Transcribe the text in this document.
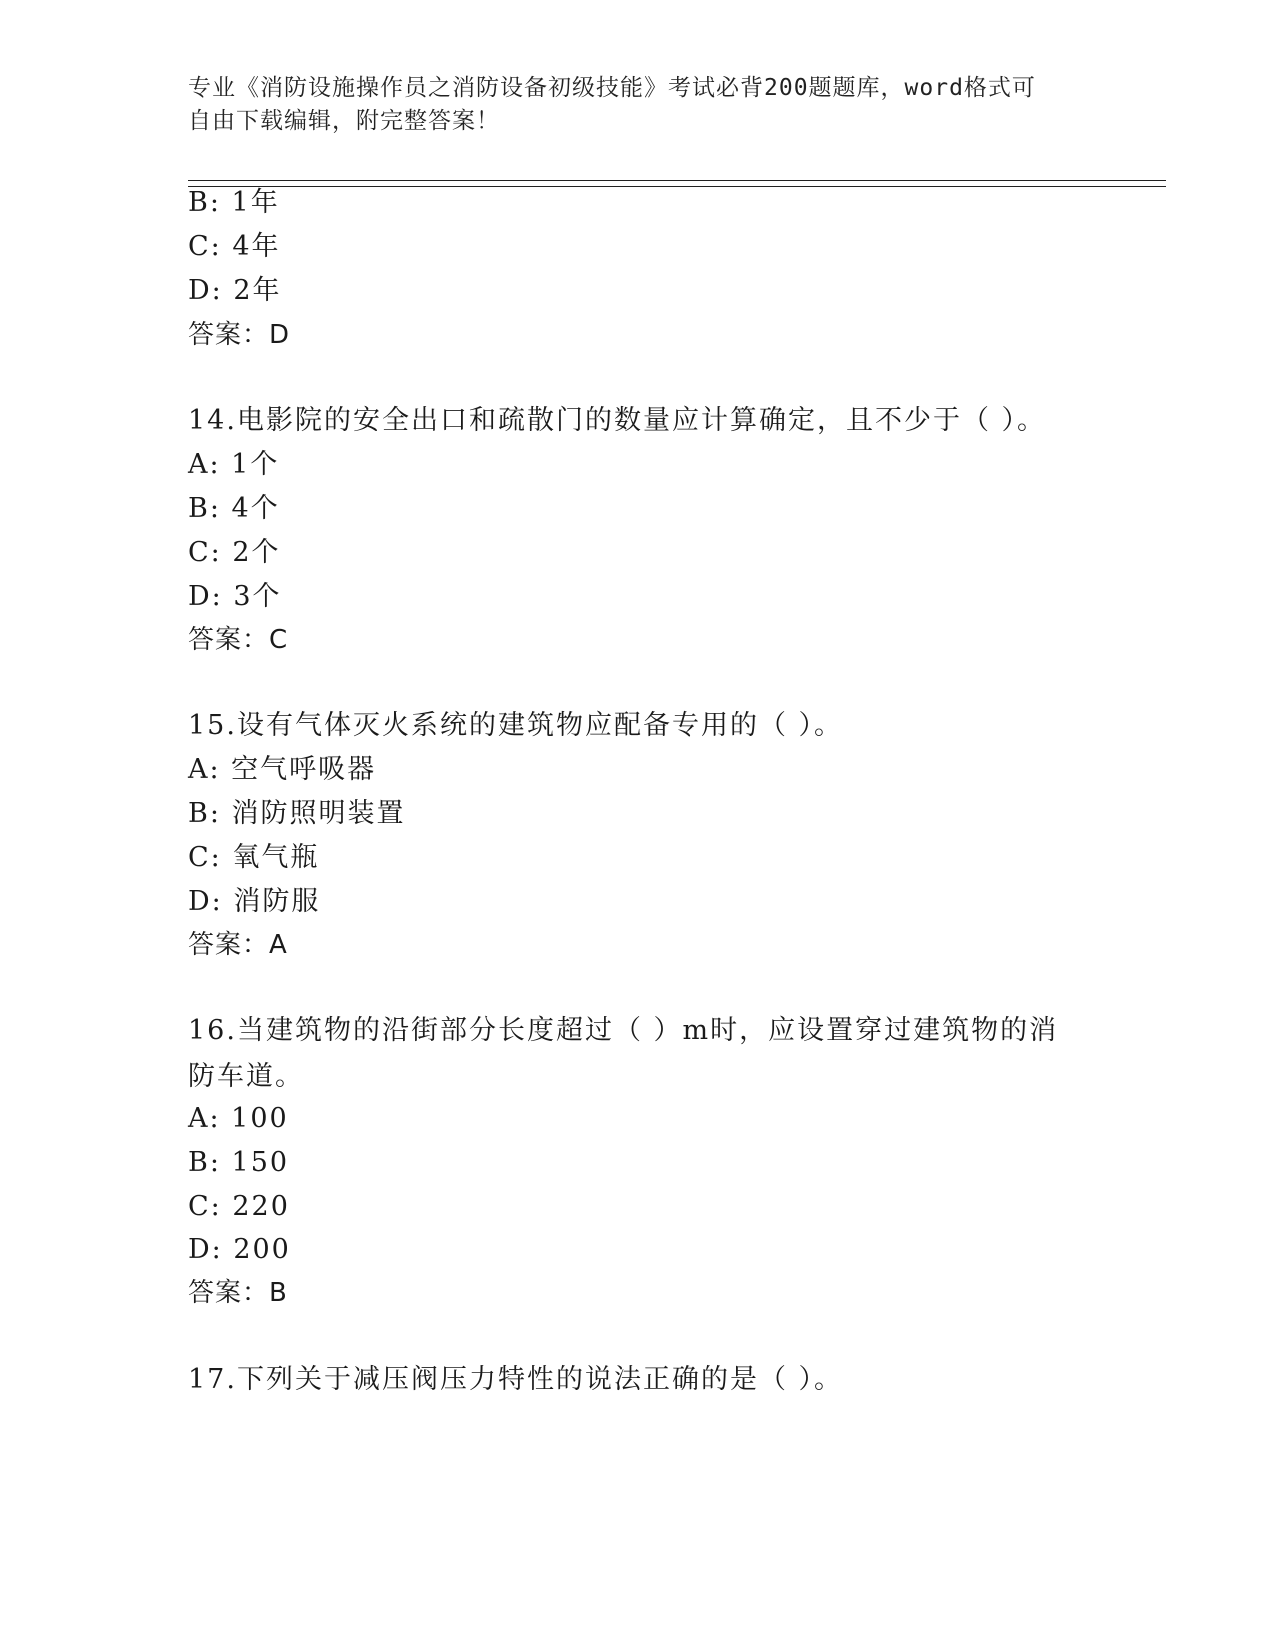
专业《消防设施操作员之消防设备初级技能》考试必背200题题库，word格式可
自由下载编辑，附完整答案！
B: 1年
C: 4年
D: 2年
答案：D
14.电影院的安全出口和疏散门的数量应计算确定，且不少于（ ）。
A: 1个
B: 4个
C: 2个
D: 3个
答案：C
15.设有气体灭火系统的建筑物应配备专用的（ ）。
A: 空气呼吸器
B: 消防照明装置
C: 氧气瓶
D: 消防服
答案：A
16.当建筑物的沿街部分长度超过（ ）m时，应设置穿过建筑物的消防车道。
A: 100
B: 150
C: 220
D: 200
答案：B
17.下列关于减压阀压力特性的说法正确的是（ ）。
